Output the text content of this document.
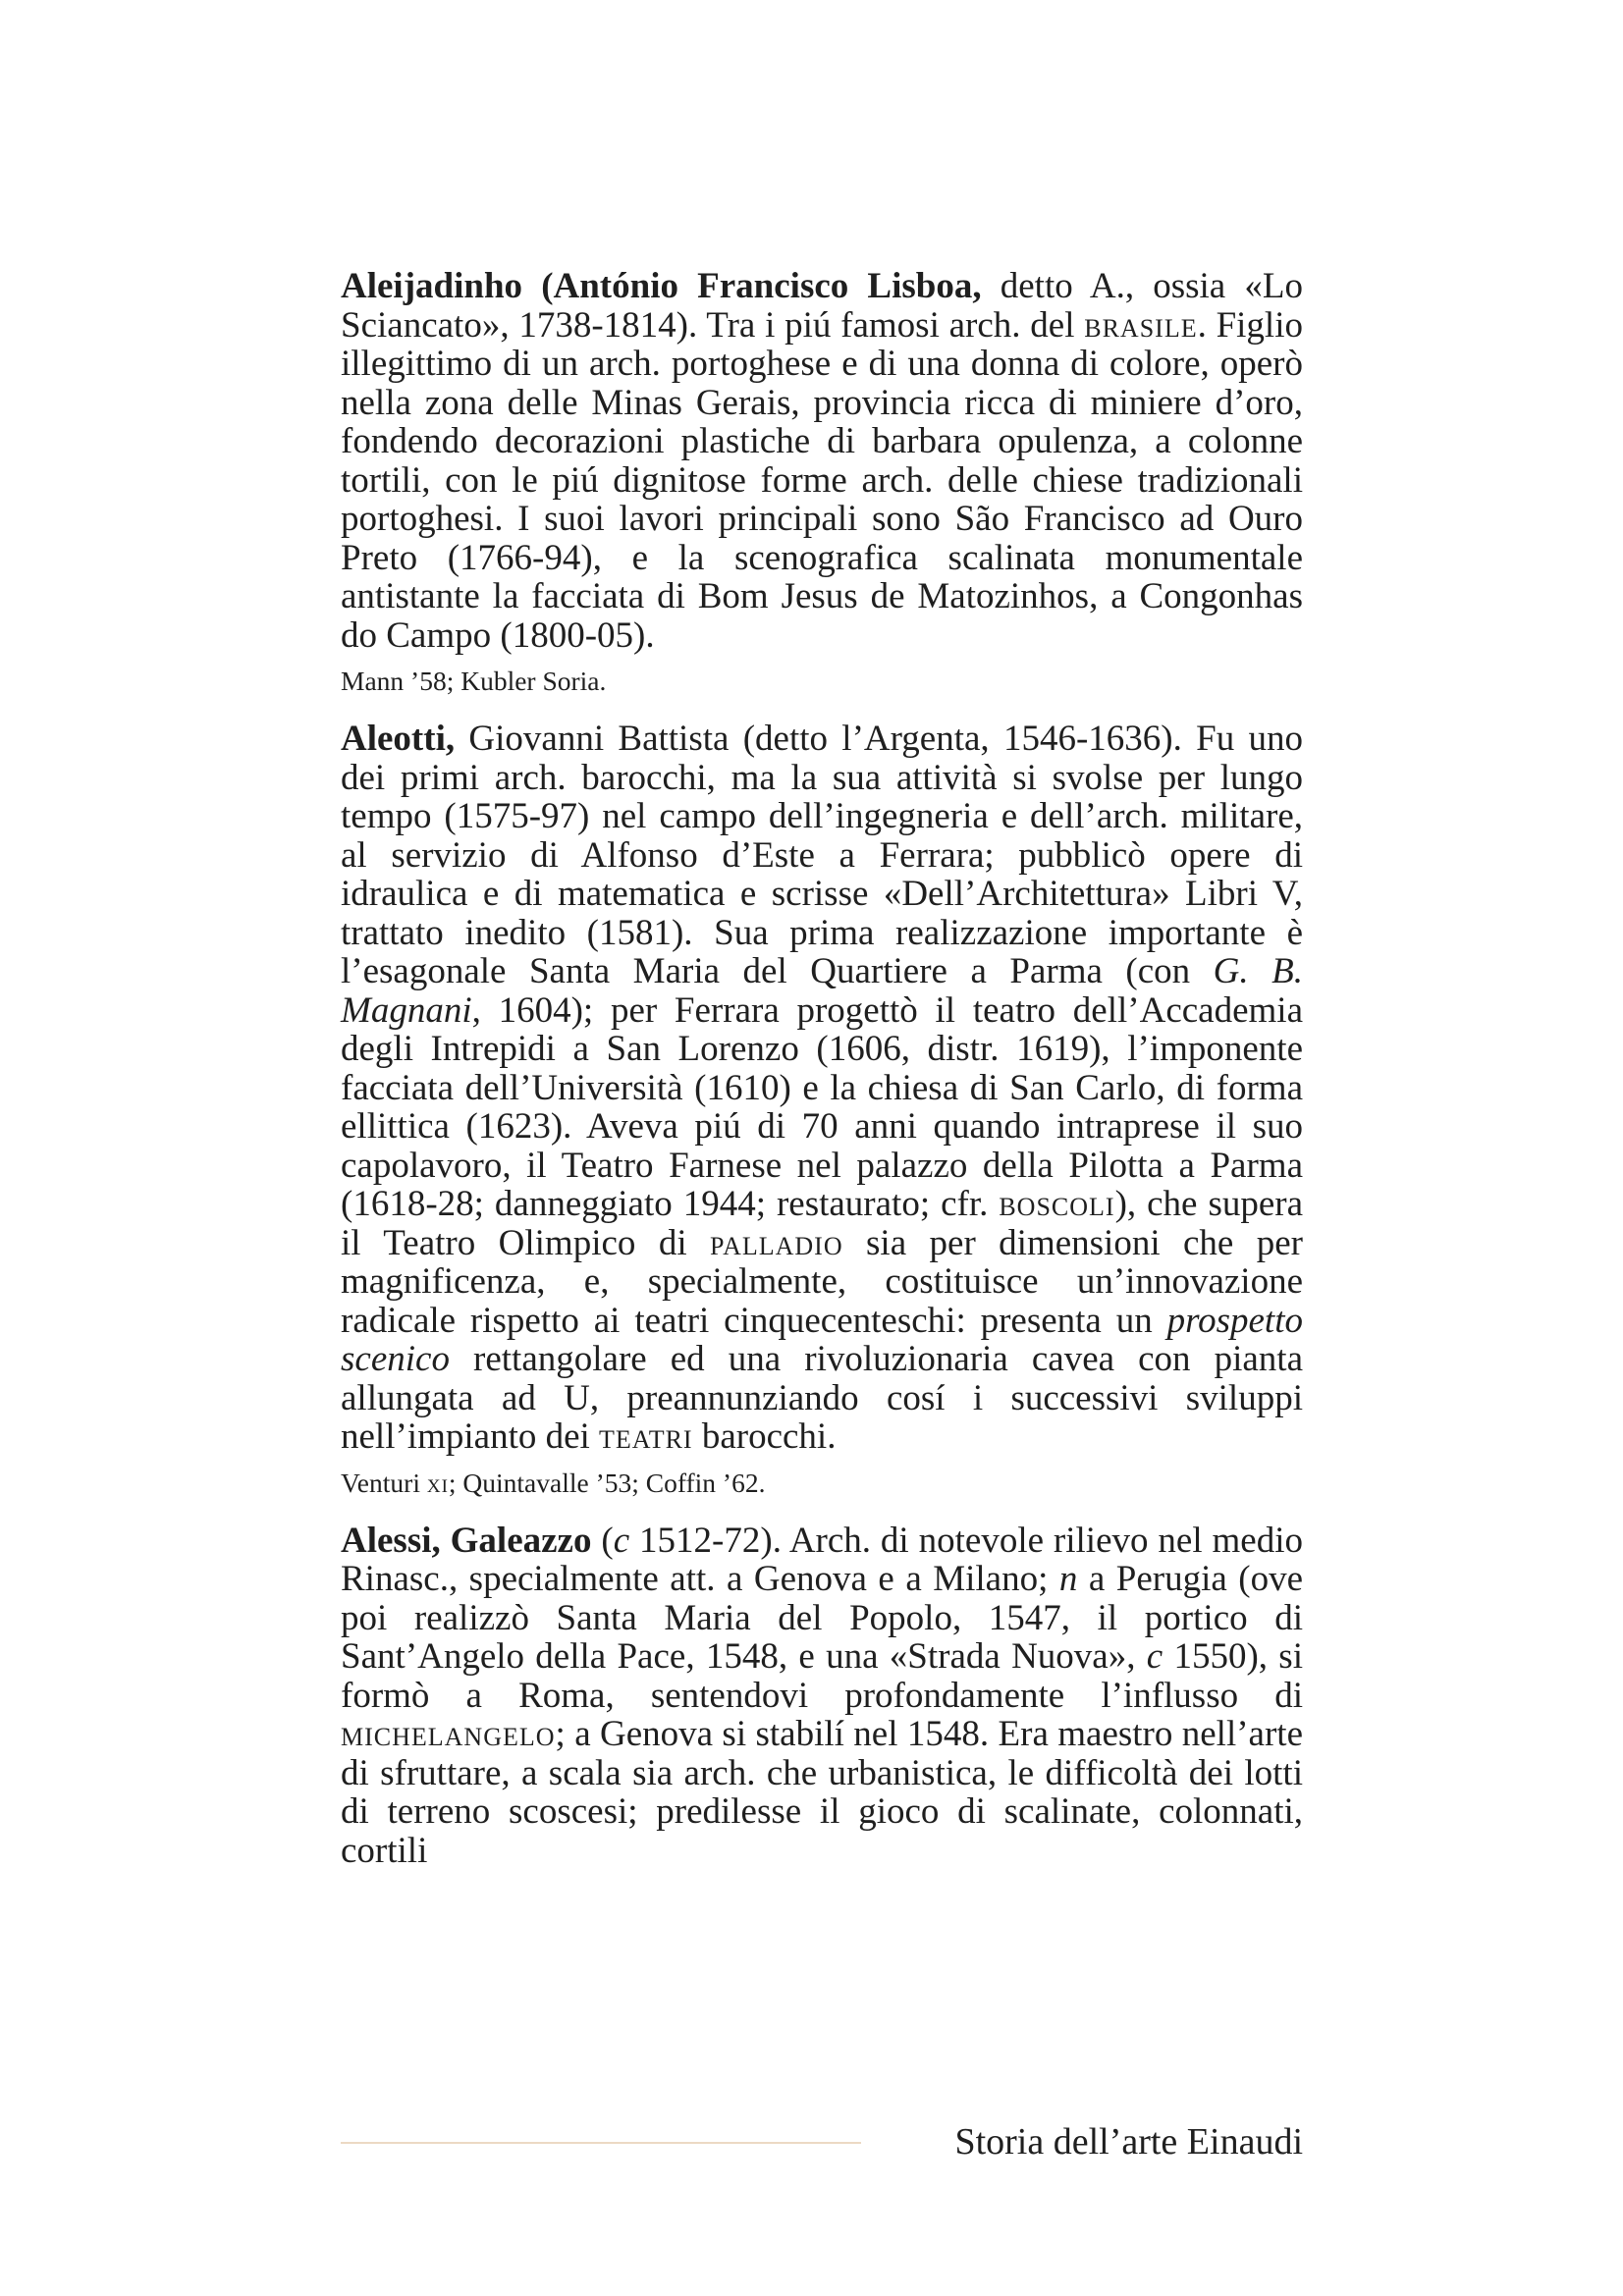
Aleijadinho (António Francisco Lisboa, detto A., ossia «Lo Sciancato», 1738-1814). Tra i piú famosi arch. del brasile. Figlio illegittimo di un arch. portoghese e di una donna di colore, operò nella zona delle Minas Gerais, provincia ricca di miniere d’oro, fondendo decorazioni plastiche di barbara opulenza, a colonne tortili, con le piú dignitose forme arch. delle chiese tradizionali portoghesi. I suoi lavori principali sono São Francisco ad Ouro Preto (1766-94), e la scenografica scalinata monumentale antistante la facciata di Bom Jesus de Matozinhos, a Congonhas do Campo (1800-05).

Mann ’58; Kubler Soria.

Aleotti, Giovanni Battista (detto l’Argenta, 1546-1636). Fu uno dei primi arch. barocchi, ma la sua attività si svolse per lungo tempo (1575-97) nel campo dell’ingegneria e dell’arch. militare, al servizio di Alfonso d’Este a Ferrara; pubblicò opere di idraulica e di matematica e scrisse «Dell’Architettura» Libri V, trattato inedito (1581). Sua prima realizzazione importante è l’esagonale Santa Maria del Quartiere a Parma (con G. B. Magnani, 1604); per Ferrara progettò il teatro dell’Accademia degli Intrepidi a San Lorenzo (1606, distr. 1619), l’imponente facciata dell’Università (1610) e la chiesa di San Carlo, di forma ellittica (1623). Aveva piú di 70 anni quando intraprese il suo capolavoro, il Teatro Farnese nel palazzo della Pilotta a Parma (1618-28; danneggiato 1944; restaurato; cfr. boscoli), che supera il Teatro Olimpico di palladio sia per dimensioni che per magnificenza, e, specialmente, costituisce un’innovazione radicale rispetto ai teatri cinquecenteschi: presenta un prospetto scenico rettangolare ed una rivoluzionaria cavea con pianta allungata ad U, preannunziando cosí i successivi sviluppi nell’impianto dei teatri barocchi.

Venturi xi; Quintavalle ’53; Coffin ’62.

Alessi, Galeazzo (c 1512-72). Arch. di notevole rilievo nel medio Rinasc., specialmente att. a Genova e a Milano; n a Perugia (ove poi realizzò Santa Maria del Popolo, 1547, il portico di Sant’Angelo della Pace, 1548, e una «Strada Nuova», c 1550), si formò a Roma, sentendovi profondamente l’influsso di michelangelo; a Genova si stabilí nel 1548. Era maestro nell’arte di sfruttare, a scala sia arch. che urbanistica, le difficoltà dei lotti di terreno scoscesi; predilesse il gioco di scalinate, colonnati, cortili

Storia dell’arte Einaudi
